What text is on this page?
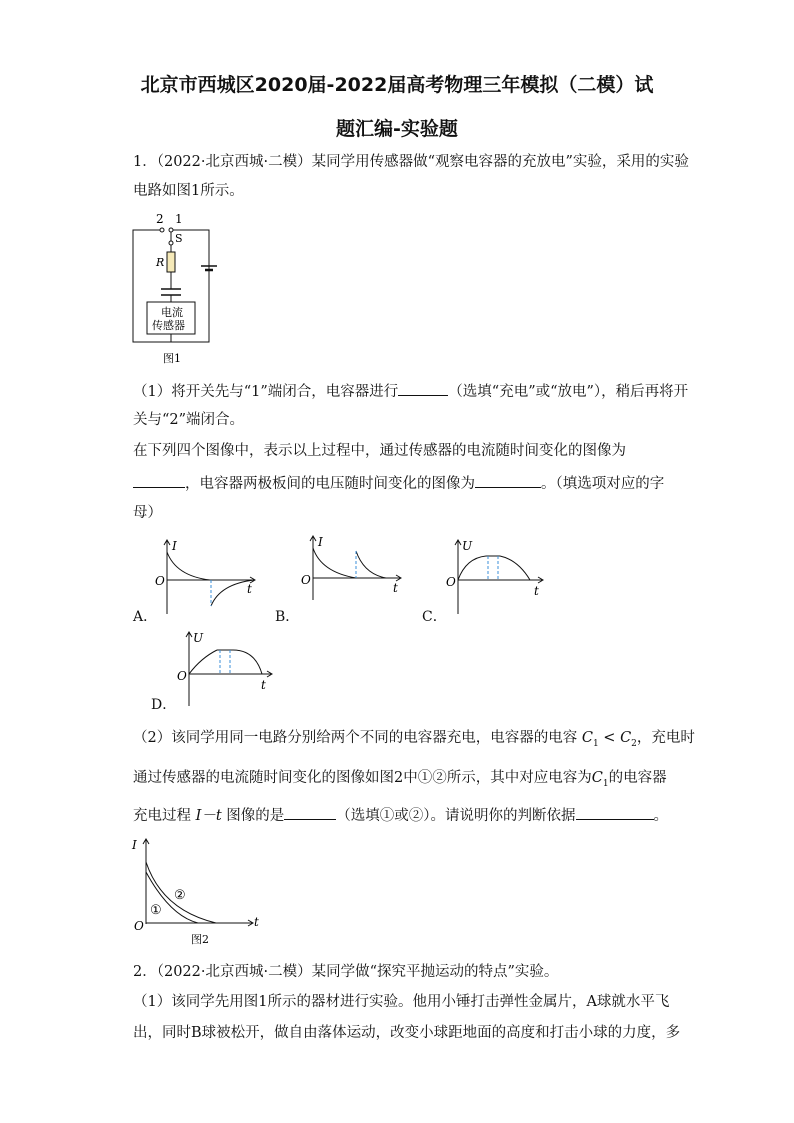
北京市西城区2020届-2022届高考物理三年模拟（二模）试
题汇编-实验题
1．（2022·北京西城·二模）某同学用传感器做“观察电容器的充放电”实验，采用的实验
电路如图1所示。
2 1
S
R
电流
传感器
图1
（1）将开关先与“1”端闭合，电容器进行	（选填“充电”或“放电”），稍后再将开
关与“2”端闭合。
在下列四个图像中，表示以上过程中，通过传感器的电流随时间变化的图像为
，电容器两极板间的电压随时间变化的图像为	。（填选项对应的字
母）
I
O
t
A．
I
O
t
B．
U
O
t
C．
U
O
t
D．
（2）该同学用同一电路分别给两个不同的电容器充电，电容器的电容 $C_1 < C_2$，充电时
通过传感器的电流随时间变化的图像如图2中①②所示，其中对应电容为$C_1$的电容器
充电过程 I－t 图像的是	（选填①或②）。请说明你的判断依据	。
I
O	t
①
②
图2
2．（2022·北京西城·二模）某同学做“探究平抛运动的特点”实验。
（1）该同学先用图1所示的器材进行实验。他用小锤打击弹性金属片，A球就水平飞
出，同时B球被松开，做自由落体运动，改变小球距地面的高度和打击小球的力度，多
